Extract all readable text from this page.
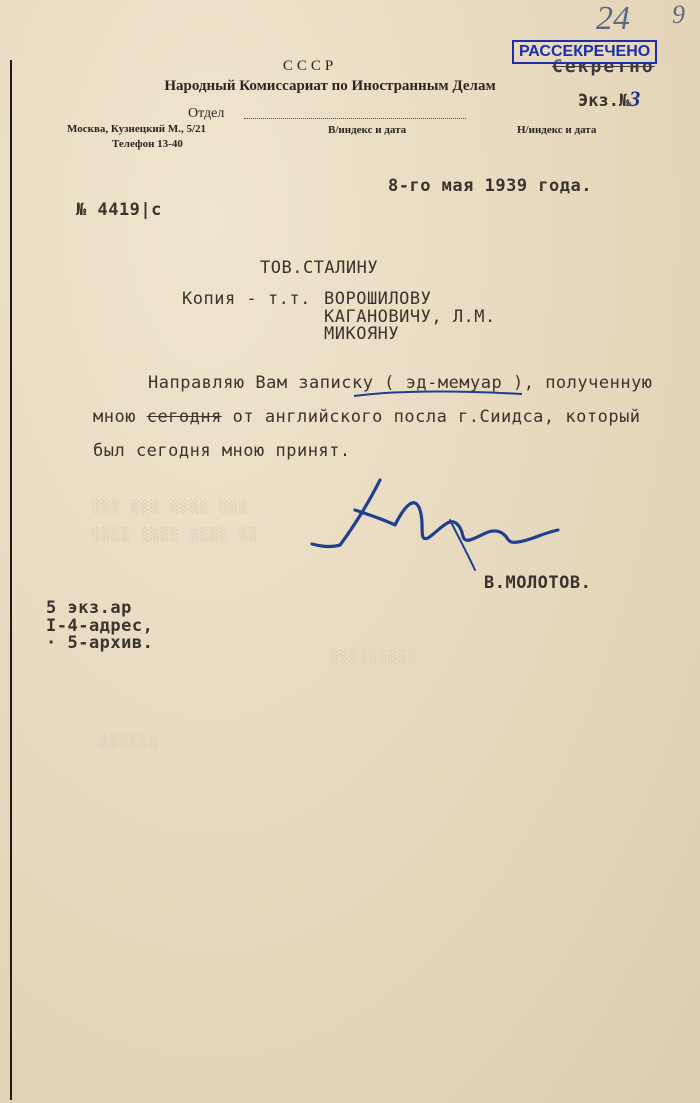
24 9
СССР
Народный Комиссариат по Иностранным Делам
Отдел
Москва, Кузнецкий М., 5/21
Телефон 13-40
В/индекс и дата	Н/индекс и дата
Секретно
РАССЕКРЕЧЕНО
Экз.№3
8-го мая 1939 года.
№ 4419|с
ТОВ.СТАЛИНУ
Копия - т.т. ВОРОШИЛОВУ
КАГАНОВИЧУ, Л.М.
МИКОЯНУ
Направляю Вам записку ( эд-мемуар ), полученную
мною сегодня от английского посла г.Сиидса, который
был сегодня мною принят.
░░░ ░░░ ░░░░ ░░░
░░░░ ░░░░ ░░░░ ░░
░░░░░░░░░
░░░░░░
В.МОЛОТОВ.
5 экз.ар
I-4-адрес,
· 5-архив.
